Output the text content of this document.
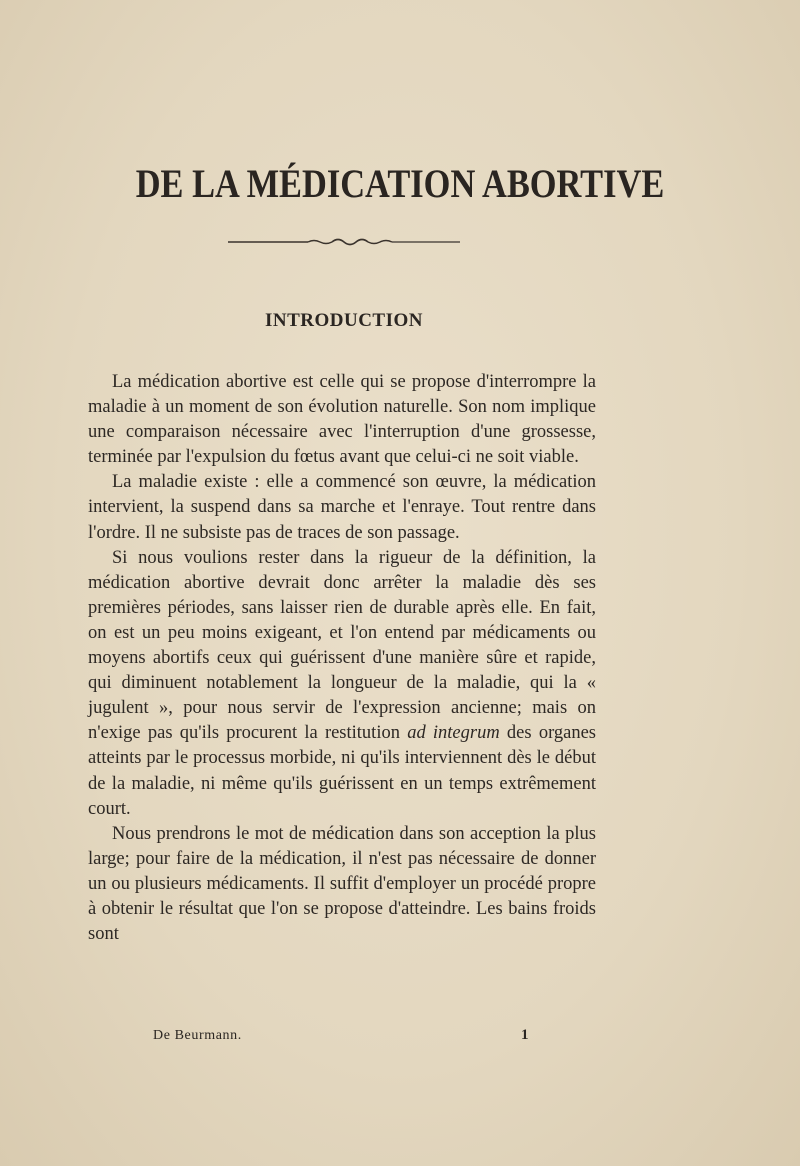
DE LA MÉDICATION ABORTIVE
INTRODUCTION

La médication abortive est celle qui se propose d'interrompre la maladie à un moment de son évolution naturelle. Son nom implique une comparaison nécessaire avec l'interruption d'une grossesse, terminée par l'expulsion du fœtus avant que celui-ci ne soit viable.

La maladie existe : elle a commencé son œuvre, la médication intervient, la suspend dans sa marche et l'enraye. Tout rentre dans l'ordre. Il ne subsiste pas de traces de son passage.

Si nous voulions rester dans la rigueur de la définition, la médication abortive devrait donc arrêter la maladie dès ses premières périodes, sans laisser rien de durable après elle. En fait, on est un peu moins exigeant, et l'on entend par médicaments ou moyens abortifs ceux qui guérissent d'une manière sûre et rapide, qui diminuent notablement la longueur de la maladie, qui la « jugulent », pour nous servir de l'expression ancienne; mais on n'exige pas qu'ils procurent la restitution ad integrum des organes atteints par le processus morbide, ni qu'ils interviennent dès le début de la maladie, ni même qu'ils guérissent en un temps extrêmement court.

Nous prendrons le mot de médication dans son acception la plus large; pour faire de la médication, il n'est pas nécessaire de donner un ou plusieurs médicaments. Il suffit d'employer un procédé propre à obtenir le résultat que l'on se propose d'atteindre. Les bains froids sont

De Beurmann.	1
